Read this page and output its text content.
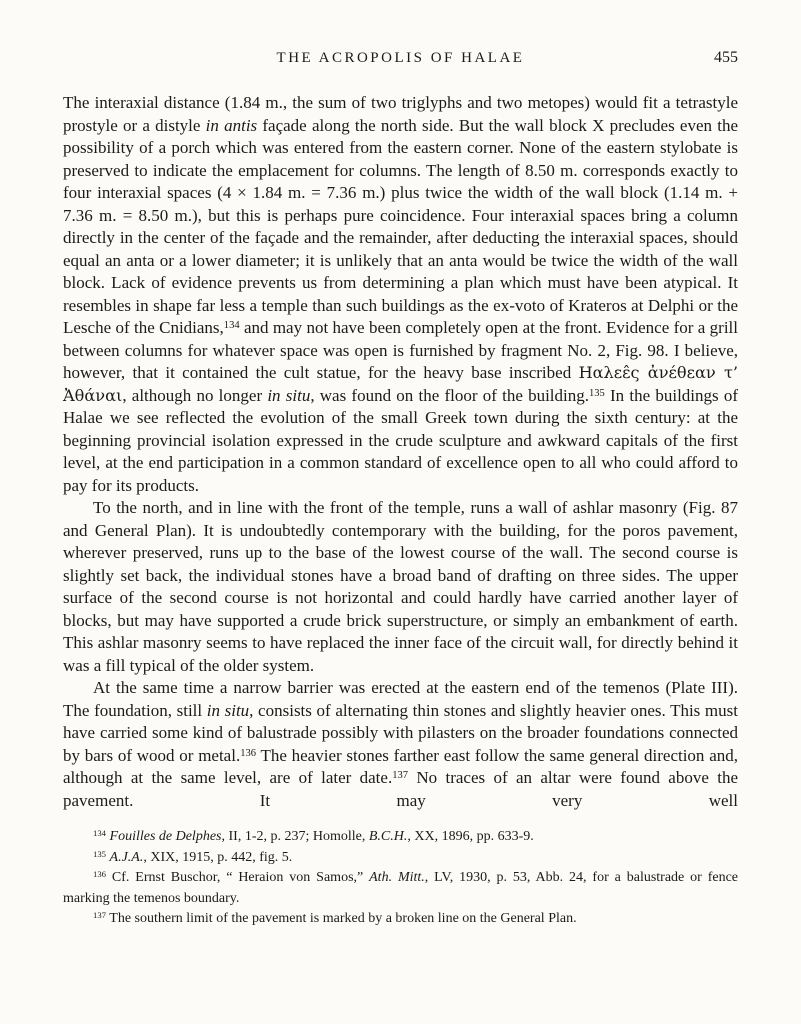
THE ACROPOLIS OF HALAE	455

The interaxial distance (1.84 m., the sum of two triglyphs and two metopes) would fit a tetrastyle prostyle or a distyle in antis façade along the north side. But the wall block X precludes even the possibility of a porch which was entered from the eastern corner. None of the eastern stylobate is preserved to indicate the emplacement for columns. The length of 8.50 m. corresponds exactly to four interaxial spaces (4 × 1.84 m. = 7.36 m.) plus twice the width of the wall block (1.14 m. + 7.36 m. = 8.50 m.), but this is perhaps pure coincidence. Four interaxial spaces bring a column directly in the center of the façade and the remainder, after deducting the interaxial spaces, should equal an anta or a lower diameter; it is unlikely that an anta would be twice the width of the wall block. Lack of evidence prevents us from determining a plan which must have been atypical. It resembles in shape far less a temple than such buildings as the ex-voto of Krateros at Delphi or the Lesche of the Cnidians,$^{134}$ and may not have been completely open at the front. Evidence for a grill between columns for whatever space was open is furnished by fragment No. 2, Fig. 98. I believe, however, that it contained the cult statue, for the heavy base inscribed Ηαλεε̂ς ἀνέθεαν τ’ Ἀθάναι, although no longer in situ, was found on the floor of the building.$^{135}$ In the buildings of Halae we see reflected the evolution of the small Greek town during the sixth century: at the beginning provincial isolation expressed in the crude sculpture and awkward capitals of the first level, at the end participation in a common standard of excellence open to all who could afford to pay for its products.

To the north, and in line with the front of the temple, runs a wall of ashlar masonry (Fig. 87 and General Plan). It is undoubtedly contemporary with the building, for the poros pavement, wherever preserved, runs up to the base of the lowest course of the wall. The second course is slightly set back, the individual stones have a broad band of drafting on three sides. The upper surface of the second course is not horizontal and could hardly have carried another layer of blocks, but may have supported a crude brick superstructure, or simply an embankment of earth. This ashlar masonry seems to have replaced the inner face of the circuit wall, for directly behind it was a fill typical of the older system.

At the same time a narrow barrier was erected at the eastern end of the temenos (Plate III). The foundation, still in situ, consists of alternating thin stones and slightly heavier ones. This must have carried some kind of balustrade possibly with pilasters on the broader foundations connected by bars of wood or metal.$^{136}$ The heavier stones farther east follow the same general direction and, although at the same level, are of later date.$^{137}$ No traces of an altar were found above the pavement. It may very well

$^{134}$ Fouilles de Delphes, II, 1-2, p. 237; Homolle, B.C.H., XX, 1896, pp. 633-9.

$^{135}$ A.J.A., XIX, 1915, p. 442, fig. 5.

$^{136}$ Cf. Ernst Buschor, “ Heraion von Samos,” Ath. Mitt., LV, 1930, p. 53, Abb. 24, for a balustrade or fence marking the temenos boundary.

$^{137}$ The southern limit of the pavement is marked by a broken line on the General Plan.
